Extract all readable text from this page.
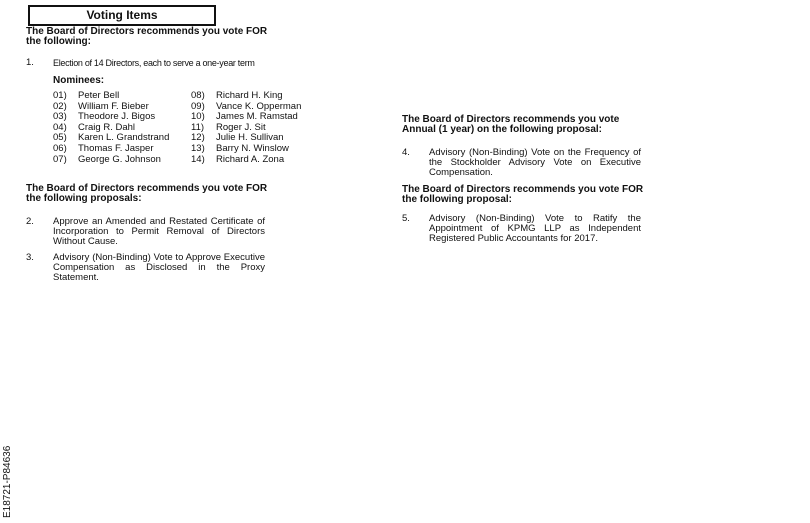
Voting Items
The Board of Directors recommends you vote FOR
the following:
1.	Election of 14 Directors, each to serve a one-year term
Nominees:
01)	Peter Bell	08)	Richard H. King
02)	William F. Bieber	09)	Vance K. Opperman
03)	Theodore J. Bigos	10)	James M. Ramstad
04)	Craig R. Dahl	11)	Roger J. Sit
05)	Karen L. Grandstrand	12)	Julie H. Sullivan
06)	Thomas F. Jasper	13)	Barry N. Winslow
07)	George G. Johnson	14)	Richard A. Zona
The Board of Directors recommends you vote FOR
the following proposals:
2.	Approve an Amended and Restated Certificate of Incorporation to Permit Removal of Directors Without Cause.
3.	Advisory (Non-Binding) Vote to Approve Executive Compensation as Disclosed in the Proxy Statement.
The Board of Directors recommends you vote
Annual (1 year) on the following proposal:
4.	Advisory (Non-Binding) Vote on the Frequency of the Stockholder Advisory Vote on Executive Compensation.
The Board of Directors recommends you vote FOR
the following proposal:
5.	Advisory (Non-Binding) Vote to Ratify the Appointment of KPMG LLP as Independent Registered Public Accountants for 2017.
E18721-P84636
